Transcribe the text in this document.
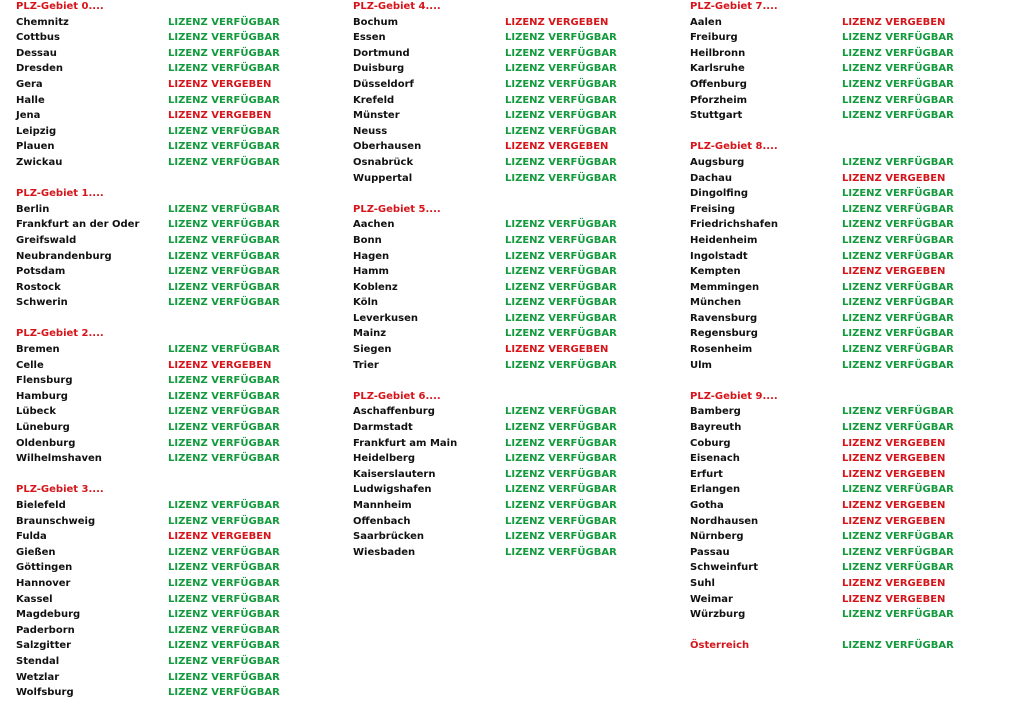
PLZ-Gebiet 0....
Chemnitz	LIZENZ VERFÜGBAR
Cottbus	LIZENZ VERFÜGBAR
Dessau	LIZENZ VERFÜGBAR
Dresden	LIZENZ VERFÜGBAR
Gera	LIZENZ VERGEBEN
Halle	LIZENZ VERFÜGBAR
Jena	LIZENZ VERGEBEN
Leipzig	LIZENZ VERFÜGBAR
Plauen	LIZENZ VERFÜGBAR
Zwickau	LIZENZ VERFÜGBAR
PLZ-Gebiet 1....
Berlin	LIZENZ VERFÜGBAR
Frankfurt an der Oder	LIZENZ VERFÜGBAR
Greifswald	LIZENZ VERFÜGBAR
Neubrandenburg	LIZENZ VERFÜGBAR
Potsdam	LIZENZ VERFÜGBAR
Rostock	LIZENZ VERFÜGBAR
Schwerin	LIZENZ VERFÜGBAR
PLZ-Gebiet 2....
Bremen	LIZENZ VERFÜGBAR
Celle	LIZENZ VERGEBEN
Flensburg	LIZENZ VERFÜGBAR
Hamburg	LIZENZ VERFÜGBAR
Lübeck	LIZENZ VERFÜGBAR
Lüneburg	LIZENZ VERFÜGBAR
Oldenburg	LIZENZ VERFÜGBAR
Wilhelmshaven	LIZENZ VERFÜGBAR
PLZ-Gebiet 3....
Bielefeld	LIZENZ VERFÜGBAR
Braunschweig	LIZENZ VERFÜGBAR
Fulda	LIZENZ VERGEBEN
Gießen	LIZENZ VERFÜGBAR
Göttingen	LIZENZ VERFÜGBAR
Hannover	LIZENZ VERFÜGBAR
Kassel	LIZENZ VERFÜGBAR
Magdeburg	LIZENZ VERFÜGBAR
Paderborn	LIZENZ VERFÜGBAR
Salzgitter	LIZENZ VERFÜGBAR
Stendal	LIZENZ VERFÜGBAR
Wetzlar	LIZENZ VERFÜGBAR
Wolfsburg	LIZENZ VERFÜGBAR
PLZ-Gebiet 4....
Bochum	LIZENZ VERGEBEN
Essen	LIZENZ VERFÜGBAR
Dortmund	LIZENZ VERFÜGBAR
Duisburg	LIZENZ VERFÜGBAR
Düsseldorf	LIZENZ VERFÜGBAR
Krefeld	LIZENZ VERFÜGBAR
Münster	LIZENZ VERFÜGBAR
Neuss	LIZENZ VERFÜGBAR
Oberhausen	LIZENZ VERGEBEN
Osnabrück	LIZENZ VERFÜGBAR
Wuppertal	LIZENZ VERFÜGBAR
PLZ-Gebiet 5....
Aachen	LIZENZ VERFÜGBAR
Bonn	LIZENZ VERFÜGBAR
Hagen	LIZENZ VERFÜGBAR
Hamm	LIZENZ VERFÜGBAR
Koblenz	LIZENZ VERFÜGBAR
Köln	LIZENZ VERFÜGBAR
Leverkusen	LIZENZ VERFÜGBAR
Mainz	LIZENZ VERFÜGBAR
Siegen	LIZENZ VERGEBEN
Trier	LIZENZ VERFÜGBAR
PLZ-Gebiet 6....
Aschaffenburg	LIZENZ VERFÜGBAR
Darmstadt	LIZENZ VERFÜGBAR
Frankfurt am Main	LIZENZ VERFÜGBAR
Heidelberg	LIZENZ VERFÜGBAR
Kaiserslautern	LIZENZ VERFÜGBAR
Ludwigshafen	LIZENZ VERFÜGBAR
Mannheim	LIZENZ VERFÜGBAR
Offenbach	LIZENZ VERFÜGBAR
Saarbrücken	LIZENZ VERFÜGBAR
Wiesbaden	LIZENZ VERFÜGBAR
PLZ-Gebiet 7....
Aalen	LIZENZ VERGEBEN
Freiburg	LIZENZ VERFÜGBAR
Heilbronn	LIZENZ VERFÜGBAR
Karlsruhe	LIZENZ VERFÜGBAR
Offenburg	LIZENZ VERFÜGBAR
Pforzheim	LIZENZ VERFÜGBAR
Stuttgart	LIZENZ VERFÜGBAR
PLZ-Gebiet 8....
Augsburg	LIZENZ VERFÜGBAR
Dachau	LIZENZ VERGEBEN
Dingolfing	LIZENZ VERFÜGBAR
Freising	LIZENZ VERFÜGBAR
Friedrichshafen	LIZENZ VERFÜGBAR
Heidenheim	LIZENZ VERFÜGBAR
Ingolstadt	LIZENZ VERFÜGBAR
Kempten	LIZENZ VERGEBEN
Memmingen	LIZENZ VERFÜGBAR
München	LIZENZ VERFÜGBAR
Ravensburg	LIZENZ VERFÜGBAR
Regensburg	LIZENZ VERFÜGBAR
Rosenheim	LIZENZ VERFÜGBAR
Ulm	LIZENZ VERFÜGBAR
PLZ-Gebiet 9....
Bamberg	LIZENZ VERFÜGBAR
Bayreuth	LIZENZ VERFÜGBAR
Coburg	LIZENZ VERGEBEN
Eisenach	LIZENZ VERGEBEN
Erfurt	LIZENZ VERGEBEN
Erlangen	LIZENZ VERFÜGBAR
Gotha	LIZENZ VERGEBEN
Nordhausen	LIZENZ VERGEBEN
Nürnberg	LIZENZ VERFÜGBAR
Passau	LIZENZ VERFÜGBAR
Schweinfurt	LIZENZ VERFÜGBAR
Suhl	LIZENZ VERGEBEN
Weimar	LIZENZ VERGEBEN
Würzburg	LIZENZ VERFÜGBAR
Österreich	LIZENZ VERFÜGBAR
